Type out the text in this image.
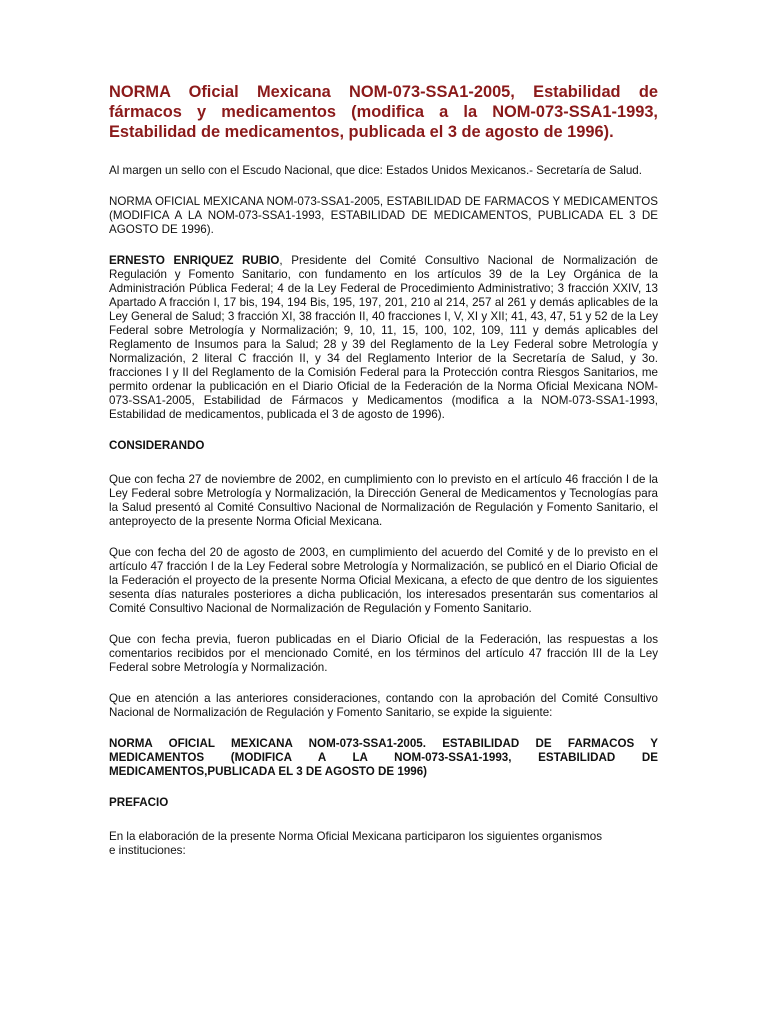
NORMA Oficial Mexicana NOM-073-SSA1-2005, Estabilidad de fármacos y medicamentos (modifica a la NOM-073-SSA1-1993, Estabilidad de medicamentos, publicada el 3 de agosto de 1996).

Al margen un sello con el Escudo Nacional, que dice: Estados Unidos Mexicanos.- Secretaría de Salud.

NORMA OFICIAL MEXICANA NOM-073-SSA1-2005, ESTABILIDAD DE FARMACOS Y MEDICAMENTOS (MODIFICA A LA NOM-073-SSA1-1993, ESTABILIDAD DE MEDICAMENTOS, PUBLICADA EL 3 DE AGOSTO DE 1996).

ERNESTO ENRIQUEZ RUBIO, Presidente del Comité Consultivo Nacional de Normalización de Regulación y Fomento Sanitario, con fundamento en los artículos 39 de la Ley Orgánica de la Administración Pública Federal; 4 de la Ley Federal de Procedimiento Administrativo; 3 fracción XXIV, 13 Apartado A fracción I, 17 bis, 194, 194 Bis, 195, 197, 201, 210 al 214, 257 al 261 y demás aplicables de la Ley General de Salud; 3 fracción XI, 38 fracción II, 40 fracciones I, V, XI y XII; 41, 43, 47, 51 y 52 de la Ley Federal sobre Metrología y Normalización; 9, 10, 11, 15, 100, 102, 109, 111 y demás aplicables del Reglamento de Insumos para la Salud; 28 y 39 del Reglamento de la Ley Federal sobre Metrología y Normalización, 2 literal C fracción II, y 34 del Reglamento Interior de la Secretaría de Salud, y 3o. fracciones I y II del Reglamento de la Comisión Federal para la Protección contra Riesgos Sanitarios, me permito ordenar la publicación en el Diario Oficial de la Federación de la Norma Oficial Mexicana NOM-073-SSA1-2005, Estabilidad de Fármacos y Medicamentos (modifica a la NOM-073-SSA1-1993, Estabilidad de medicamentos, publicada el 3 de agosto de 1996).

CONSIDERANDO

Que con fecha 27 de noviembre de 2002, en cumplimiento con lo previsto en el artículo 46 fracción I de la Ley Federal sobre Metrología y Normalización, la Dirección General de Medicamentos y Tecnologías para la Salud presentó al Comité Consultivo Nacional de Normalización de Regulación y Fomento Sanitario, el anteproyecto de la presente Norma Oficial Mexicana.

Que con fecha del 20 de agosto de 2003, en cumplimiento del acuerdo del Comité y de lo previsto en el artículo 47 fracción I de la Ley Federal sobre Metrología y Normalización, se publicó en el Diario Oficial de la Federación el proyecto de la presente Norma Oficial Mexicana, a efecto de que dentro de los siguientes sesenta días naturales posteriores a dicha publicación, los interesados presentarán sus comentarios al Comité Consultivo Nacional de Normalización de Regulación y Fomento Sanitario.

Que con fecha previa, fueron publicadas en el Diario Oficial de la Federación, las respuestas a los comentarios recibidos por el mencionado Comité, en los términos del artículo 47 fracción III de la Ley Federal sobre Metrología y Normalización.

Que en atención a las anteriores consideraciones, contando con la aprobación del Comité Consultivo Nacional de Normalización de Regulación y Fomento Sanitario, se expide la siguiente:

NORMA OFICIAL MEXICANA NOM-073-SSA1-2005. ESTABILIDAD DE FARMACOS Y MEDICAMENTOS (MODIFICA A LA NOM-073-SSA1-1993, ESTABILIDAD DE MEDICAMENTOS,PUBLICADA EL 3 DE AGOSTO DE 1996)

PREFACIO

En la elaboración de la presente Norma Oficial Mexicana participaron los siguientes organismos
e instituciones:
